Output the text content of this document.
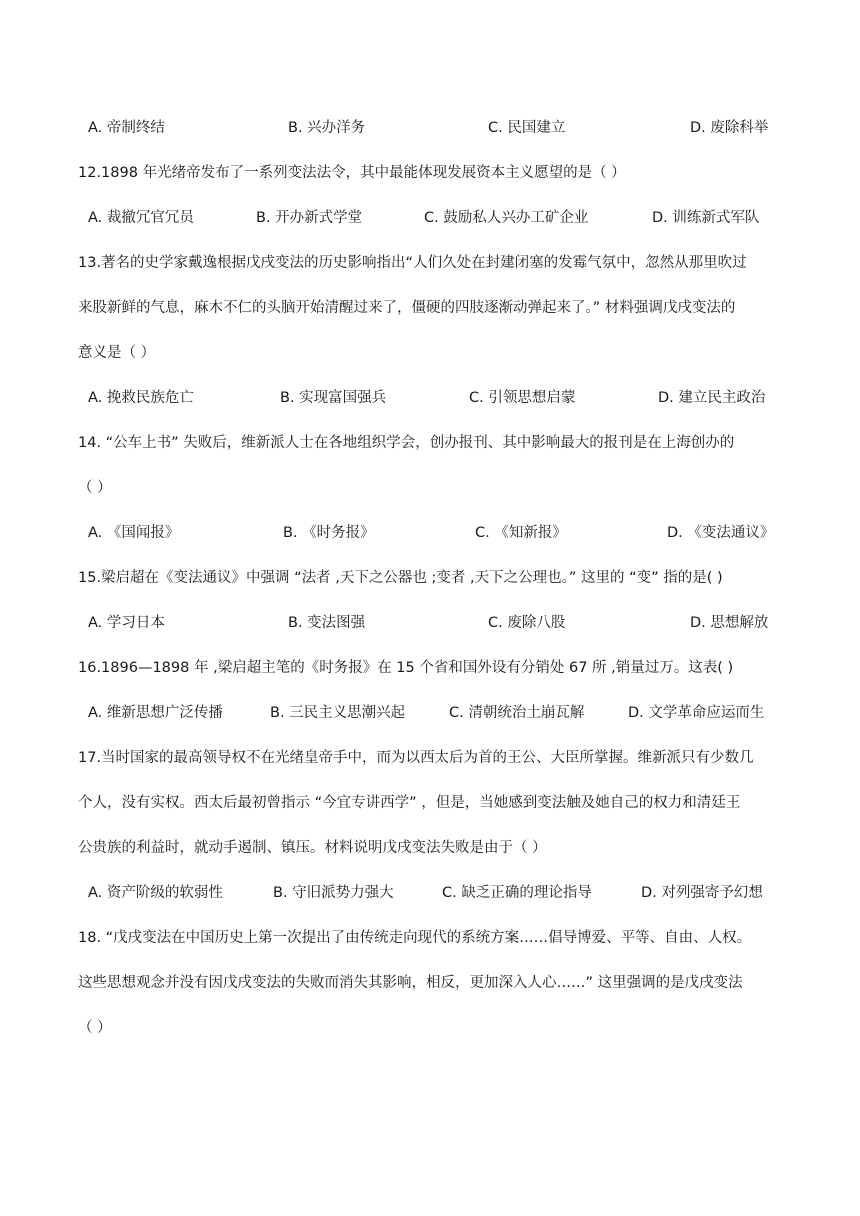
A. 帝制终结	B. 兴办洋务	C. 民国建立	D. 废除科举
12.1898 年光绪帝发布了一系列变法法令，其中最能体现发展资本主义愿望的是（ ）
A. 裁撤冗官冗员	B. 开办新式学堂	C. 鼓励私人兴办工矿企业	D. 训练新式军队
13.著名的史学家戴逸根据戊戌变法的历史影响指出“人们久处在封建闭塞的发霉气氛中，忽然从那里吹过
来股新鲜的气息，麻木不仁的头脑开始清醒过来了，僵硬的四肢逐渐动弹起来了。” 材料强调戊戌变法的
意义是（ ）
A. 挽救民族危亡	B. 实现富国强兵	C. 引领思想启蒙	D. 建立民主政治
14. “公车上书” 失败后，维新派人士在各地组织学会，创办报刊、其中影响最大的报刊是在上海创办的
（ ）
A. 《国闻报》	B. 《时务报》	C. 《知新报》	D. 《变法通议》
15.梁启超在《变法通议》中强调 “法者 ,天下之公器也 ;变者 ,天下之公理也。” 这里的 “变” 指的是( )
A. 学习日本	B. 变法图强	C. 废除八股	D. 思想解放
16.1896—1898 年 ,梁启超主笔的《时务报》在 15 个省和国外设有分销处 67 所 ,销量过万。这表( )
A. 维新思想广泛传播	B. 三民主义思潮兴起	C. 清朝统治土崩瓦解	D. 文学革命应运而生
17.当时国家的最高领导权不在光绪皇帝手中，而为以西太后为首的王公、大臣所掌握。维新派只有少数几
个人，没有实权。西太后最初曾指示 “今宜专讲西学” ，但是，当她感到变法触及她自己的权力和清廷王
公贵族的利益时，就动手遏制、镇压。材料说明戊戌变法失败是由于（ ）
A. 资产阶级的软弱性	B. 守旧派势力强大	C. 缺乏正确的理论指导	D. 对列强寄予幻想
18. “戊戌变法在中国历史上第一次提出了由传统走向现代的系统方案……倡导博爱、平等、自由、人权。
这些思想观念并没有因戊戌变法的失败而消失其影响，相反，更加深入人心……” 这里强调的是戊戌变法
（ ）
